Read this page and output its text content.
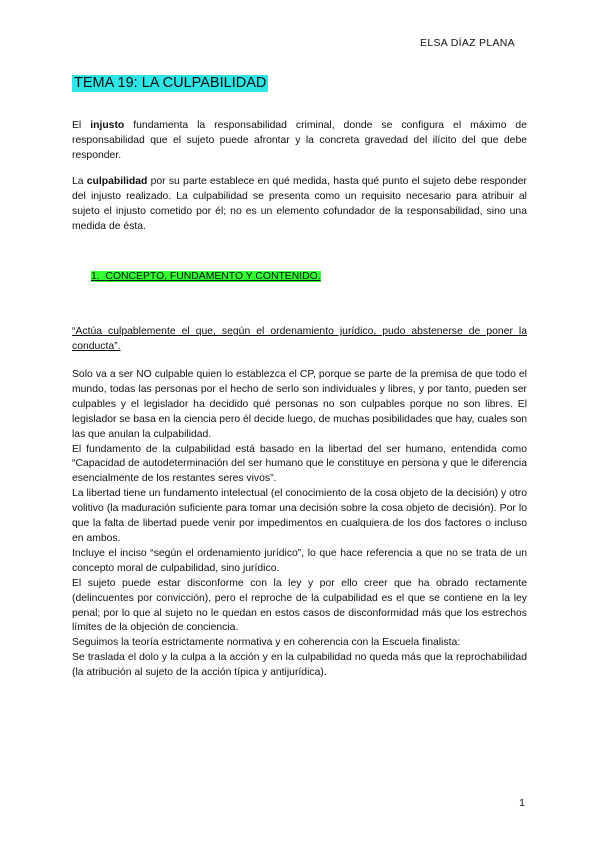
ELSA DÍAZ PLANA
TEMA 19: LA CULPABILIDAD

El injusto fundamenta la responsabilidad criminal, donde se configura el máximo de responsabilidad que el sujeto puede afrontar y la concreta gravedad del ilícito del que debe responder.

La culpabilidad por su parte establece en qué medida, hasta qué punto el sujeto debe responder del injusto realizado. La culpabilidad se presenta como un requisito necesario para atribuir al sujeto el injusto cometido por él; no es un elemento cofundador de la responsabilidad, sino una medida de ésta.

1. CONCEPTO, FUNDAMENTO Y CONTENIDO.

“Actúa culpablemente el que, según el ordenamiento jurídico, pudo abstenerse de poner la conducta”.

Solo va a ser NO culpable quien lo establezca el CP, porque se parte de la premisa de que todo el mundo, todas las personas por el hecho de serlo son individuales y libres, y por tanto, pueden ser culpables y el legislador ha decidido qué personas no son culpables porque no son libres. El legislador se basa en la ciencia pero él decide luego, de muchas posibilidades que hay, cuales son las que anulan la culpabilidad.

El fundamento de la culpabilidad está basado en la libertad del ser humano, entendida como “Capacidad de autodeterminación del ser humano que le constituye en persona y que le diferencia esencialmente de los restantes seres vivos”.

La libertad tiene un fundamento intelectual (el conocimiento de la cosa objeto de la decisión) y otro volitivo (la maduración suficiente para tomar una decisión sobre la cosa objeto de decisión). Por lo que la falta de libertad puede venir por impedimentos en cualquiera de los dos factores o incluso en ambos.

Incluye el inciso “según el ordenamiento jurídico”, lo que hace referencia a que no se trata de un concepto moral de culpabilidad, sino jurídico.

El sujeto puede estar disconforme con la ley y por ello creer que ha obrado rectamente (delincuentes por convicción), pero el reproche de la culpabilidad es el que se contiene en la ley penal; por lo que al sujeto no le quedan en estos casos de disconformidad más que los estrechos límites de la objeción de conciencia.

Seguimos la teoría estrictamente normativa y en coherencia con la Escuela finalista:

Se traslada el dolo y la culpa a la acción y en la culpabilidad no queda más que la reprochabilidad (la atribución al sujeto de la acción típica y antijurídica).

1
